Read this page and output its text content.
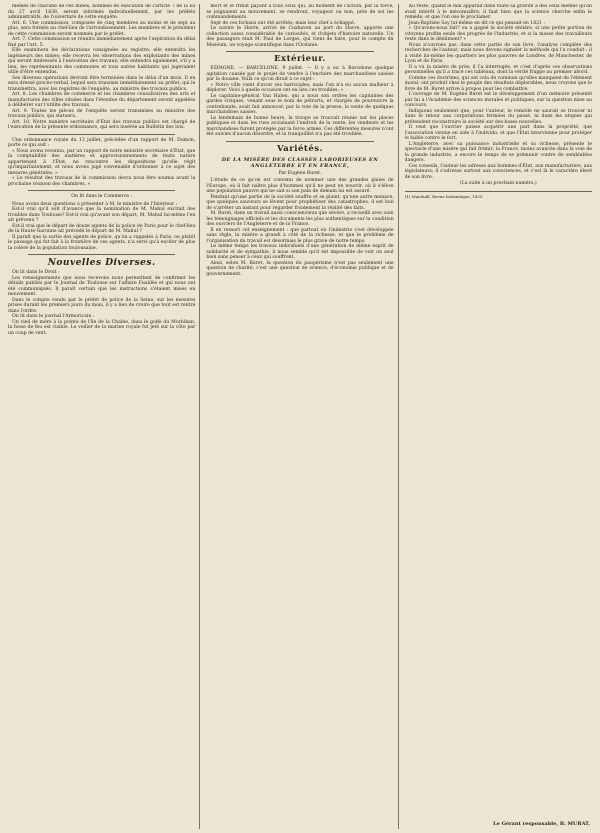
mêmes de chacune de ces mines, nommés en exécution de l'article 7 de la loi du 27 avril 1838, seront informés individuellement, par les préfets administratifs, de l'ouverture de cette enquête.

Art. 6. Une commission, composée de cinq membres au moins et de sept au plus, sera formée au chef-lieu de l'arrondissement. Les membres et le président de cette commission seront nommés par le préfet.

Art. 7. Cette commission se réunira immédiatement après l'expiration du délai fixé par l'art. 5.

Elle examinera les déclarations consignées au registre; elle entendra les ingénieurs des mines; elle recevra les observations des exploitants des mines qui seront intéressés à l'exécution des travaux; elle entendra également, s'il y a lieu, les représentants des communes et tous autres habitants qui jugeraient utile d'être entendus.

Ses diverses opérations devront être terminées dans le délai d'un mois. Il en sera dressé procès-verbal, lequel sera transmis immédiatement au préfet, qui le transmettra, avec les registres de l'enquête, au ministre des travaux publics.

Art. 8. Les chambres de commerce et les chambres consultatives des arts et manufactures des villes situées dans l'étendue du département seront appelées à délibérer sur l'utilité des travaux.

Art. 9. Toutes les pièces de l'enquête seront transmises au ministre des travaux publics, qui statuera.

Art. 10. Notre ministre secrétaire d'État des travaux publics est chargé de l'exécution de la présente ordonnance, qui sera insérée au Bulletin des lois.

Une ordonnance royale du 13 juillet, précédée d'un rapport de M. Dumon, porte ce qui suit :

« Nous avons reconnu, par un rapport de notre ministre secrétaire d'État, que la comptabilité des matières et approvisionnements de toute nature appartenant à l'État, ne rencontre les dispositions qu'elle régit qu'imparfaitement, et nous avons jugé convenable d'ordonner à ce sujet des mesures générales. »

« Le résultat des travaux de la commission devra nous être soumis avant la prochaine réunion des chambres. »

On lit dans le Commerce :

Nous avons deux questions à présenter à M. le ministre de l'Intérieur :

Est-il vrai qu'il soit d'avance que la nomination de M. Mahul excitait des troubles dans Toulouse? Est-il vrai qu'avant son départ, M. Mahul lui-même l'en ait prévenu ?

Est-il vrai que le départ de douze agents de la police de Paris pour le chef-lieu de la Haute-Garonne ait précédé le départ de M. Mahul ?

Il paraît que la sortie des agents de police, qu'on a rappelés à Paris, ou plutôt le passage qui fut fait à la frontière de ces agents, n'a servi qu'à exciter de plus la colère de la population toulousaine.

Nouvelles Diverses.

On lit dans le Droit :

Les renseignements que nous recevons nous permettent de confirmer les détails publiés par le Journal de Toulouse sur l'affaire Fualdès et qui nous ont été communiqués. Il paraît certain que les instructions s'étaient mises en mouvement.

Dans le compte rendu par le préfet de police de la Seine, sur les mesures prises durant les premiers jours du mois, il y a lieu de croire que tout est rentré dans l'ordre.

On lit dans le journal l'Armoricain :

Un vieil de mère à la pointe de l'île de la Chaîne, dans le golfe du Morbihan, la fosse de feu est visible. Le voilier de la marine royale fut jeté sur la côte par un coup de vent.

mort et le tribut payant à tous ceux qui, au moment de l'action, par la force, se joignaient au mouvement, se rendront, voyageur ou non, près de soi les commandements.

Sept de ces forbans ont été arrêtés; mais leur chef a échappé.

Le navire le Havre, arrivé de Cuxhaven au port du Havre, apporte une collection assez considérable de curiosités, et d'objets d'histoire naturelle. Un des passagers était M. Paul de Lorges, qui vient de faire, pour le compte du Muséum, un voyage scientifique dans l'Océanie.

Extérieur.

ESPAGNE. — BARCELONE, 9 juillet. — Il y a eu à Barcelone quelque agitation causée par le projet de vendre à l'enchère des marchandises saisies par la douane. Voilà ce qu'on dirait à ce sujet :

« Notre ville vient d'avoir ses barricades; mais l'on n'a eu aucun malheur à déplorer. Voici à quelle occasion ont eu lieu ces troubles. »

Le capitaine-général Van Halen, qui a nous son ordres les capitaines des gardes civiques, venant sous le nom de pétrarts, et chargés de poursuivre la contrebande, avait fait annoncer, par la voie de la presse, la vente de quelques marchandises saisies.

Le lendemain de bonne heure, la troupe se trouvait réunie sur les places publiques et dans les rues avoisinant l'endroit de la vente; les vendeurs et les marchandises furent protégés par la force armée. Ces différentes mesures n'ont été suivies d'aucun désordre, et la tranquillité n'a pas été troublée.

Variétés.
DE LA MISÈRE DES CLASSES LABORIEUSES EN ANGLETERRE ET EN FRANCE,
Par Eugène Buret.

L'étude de ce qu'on est convenu de nommer une des grandes plaies de l'Europe, où il fait naître plus d'hommes qu'il ne peut en nourrir, où il s'élève une population pauvre qui ne sait si son pain de demain lui est assuré.

Pendant qu'une partie de la société souffre et se plaint, qu'une autre menace, que quelques sauveurs se lèvent pour prophétiser des catastrophes, il est bon de s'arrêter un instant pour regarder froidement la réalité des faits.

M. Buret, dans un travail aussi consciencieux que sévère, a recueilli avec soin les témoignages officiels et les documents les plus authentiques sur la condition des ouvriers de l'Angleterre et de la France.

Il en ressort cet enseignement : que partout où l'industrie s'est développée sans règle, la misère a grandi à côté de la richesse, et que le problème de l'organisation du travail est désormais le plus grave de notre temps.

Le même temps les travaux individuels d'une génération de même esprit de solidarité et de sympathie, il nous semble qu'il est impossible de voir un seul bien sans penser à ceux qui souffrent.

Ainsi, selon M. Buret, la question du paupérisme n'est pas seulement une question de charité; c'est une question de science, d'économie publique et de gouvernement.

Au reste, quand le mal apparaît dans toute sa gravité à des ceux mêmes qu'on avait intérêt à le méconnaître, il faut bien que la science cherche enfin le remède, et que l'on ose le proclamer.

Jean-Baptiste Say lui-même en dit ce qui pensait en 1821 :

« Qu'avons-nous fait? ou a gagné la société entière, si une petite portion de citoyens profite seule des progrès de l'industrie, et si la masse des travailleurs reste dans le dénûment? »

Nous n'ouvrons pas, dans cette partie de son livre, l'analyse complète des recherches de l'auteur; mais nous devons signaler la méthode qui l'a conduit : il a visité lui-même les quartiers les plus pauvres de Londres, de Manchester, de Lyon et de Paris.

Il a vu la misère de près; il l'a interrogée, et c'est d'après ces observations personnelles qu'il a tracé ces tableaux, dont la vérité frappe au premier abord.

Comme ces doctrines, qui ont cela de commun qu'elles manquent de l'élément moral, ont produit chez le peuple des résultats déplorables, nous croyons que le livre de M. Buret arrive à propos pour les combattre.

L'ouvrage de M. Eugène Buret est le développement d'un mémoire présenté par lui à l'Académie des sciences morales et politiques, sur la question mise au concours.

Indiquons seulement que, pour l'auteur, le remède ne saurait se trouver ni dans le retour aux corporations fermées du passé, ni dans les utopies qui prétendent reconstruire la société sur des bases nouvelles.

Il veut que l'ouvrier puisse acquérir une part dans la propriété, que l'association vienne en aide à l'individu, et que l'État intervienne pour protéger le faible contre le fort.

L'Angleterre, avec sa puissance industrielle et sa richesse, présente le spectacle d'une misère qui fait frémir; la France, moins avancée dans la voie de la grande industrie, a encore le temps de se prémunir contre de semblables dangers.

Ces conseils, l'auteur les adresse aux hommes d'État, aux manufacturiers, aux législateurs; il s'adresse surtout aux consciences, et c'est là le caractère élevé de son livre.

(La suite à un prochain numéro.)
(1) Marshall, Revue britannique, 1835.
Le Gérant responsable, B. MURAT.
